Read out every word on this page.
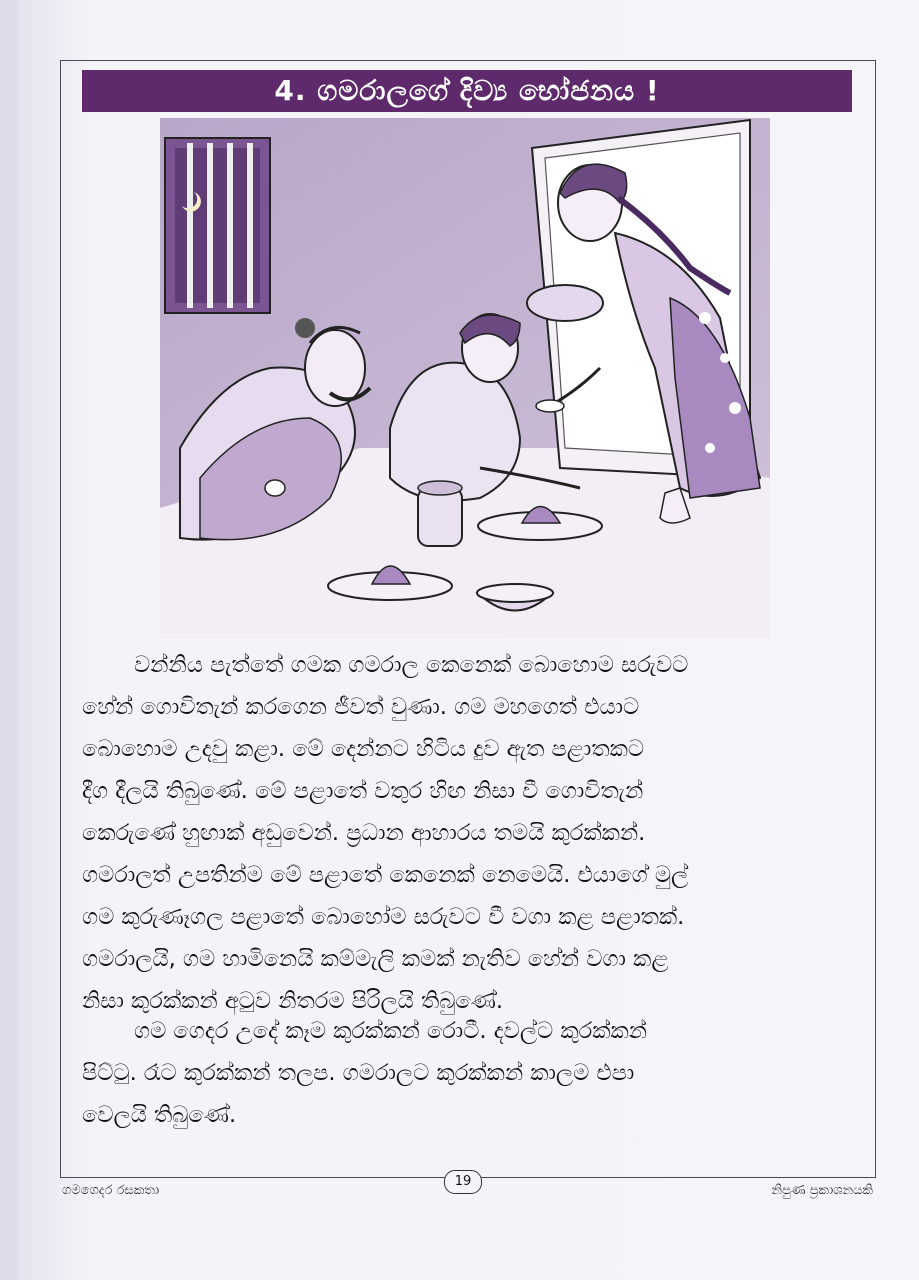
4. ගමරාලගේ දිව්‍ය භෝජනය !
වන්නිය පැත්තේ ගමක ගමරාල කෙනෙක් බොහොම සරුවට
හේන් ගොවිතැන් කරගෙන ජීවත් වුණා. ගම මහගෙත් එයාට
බොහොම උදවු කළා. මේ දෙන්නට හිටිය දුව ඇත පළාතකට
දීග දීලයි තිබුණේ. මේ පළාතේ වතුර හිඟ නිසා වී ගොවිතැන්
කෙරුණේ හුඟාක් අඩුවෙන්. ප්‍රධාන ආහාරය තමයි කුරක්කන්.
ගමරාලත් උපතින්ම මේ පළාතේ කෙනෙක් නෙමෙයි. එයාගේ මුල්
ගම කුරුණෑගල පළාතේ බොහෝම සරුවට වී වගා කළ පළාතක්.
ගමරාලයි, ගම හාමිනෙයි කම්මැලි කමක් නැතිව හේන් වගා කළ
නිසා කුරක්කන් අටුව නිතරම පිරිලයි තිබුණේ.
ගම ගෙදර උදේ කෑම කුරක්කන් රොටී. දවල්ට කුරක්කන්
පිට්ටු. රෑට කුරක්කන් තලප. ගමරාලට කුරක්කන් කාලම එපා
වෙලයි තිබුණේ.
ගමගෙදර රසකතා
19
නිපුණ ප්‍රකාශනයකි
